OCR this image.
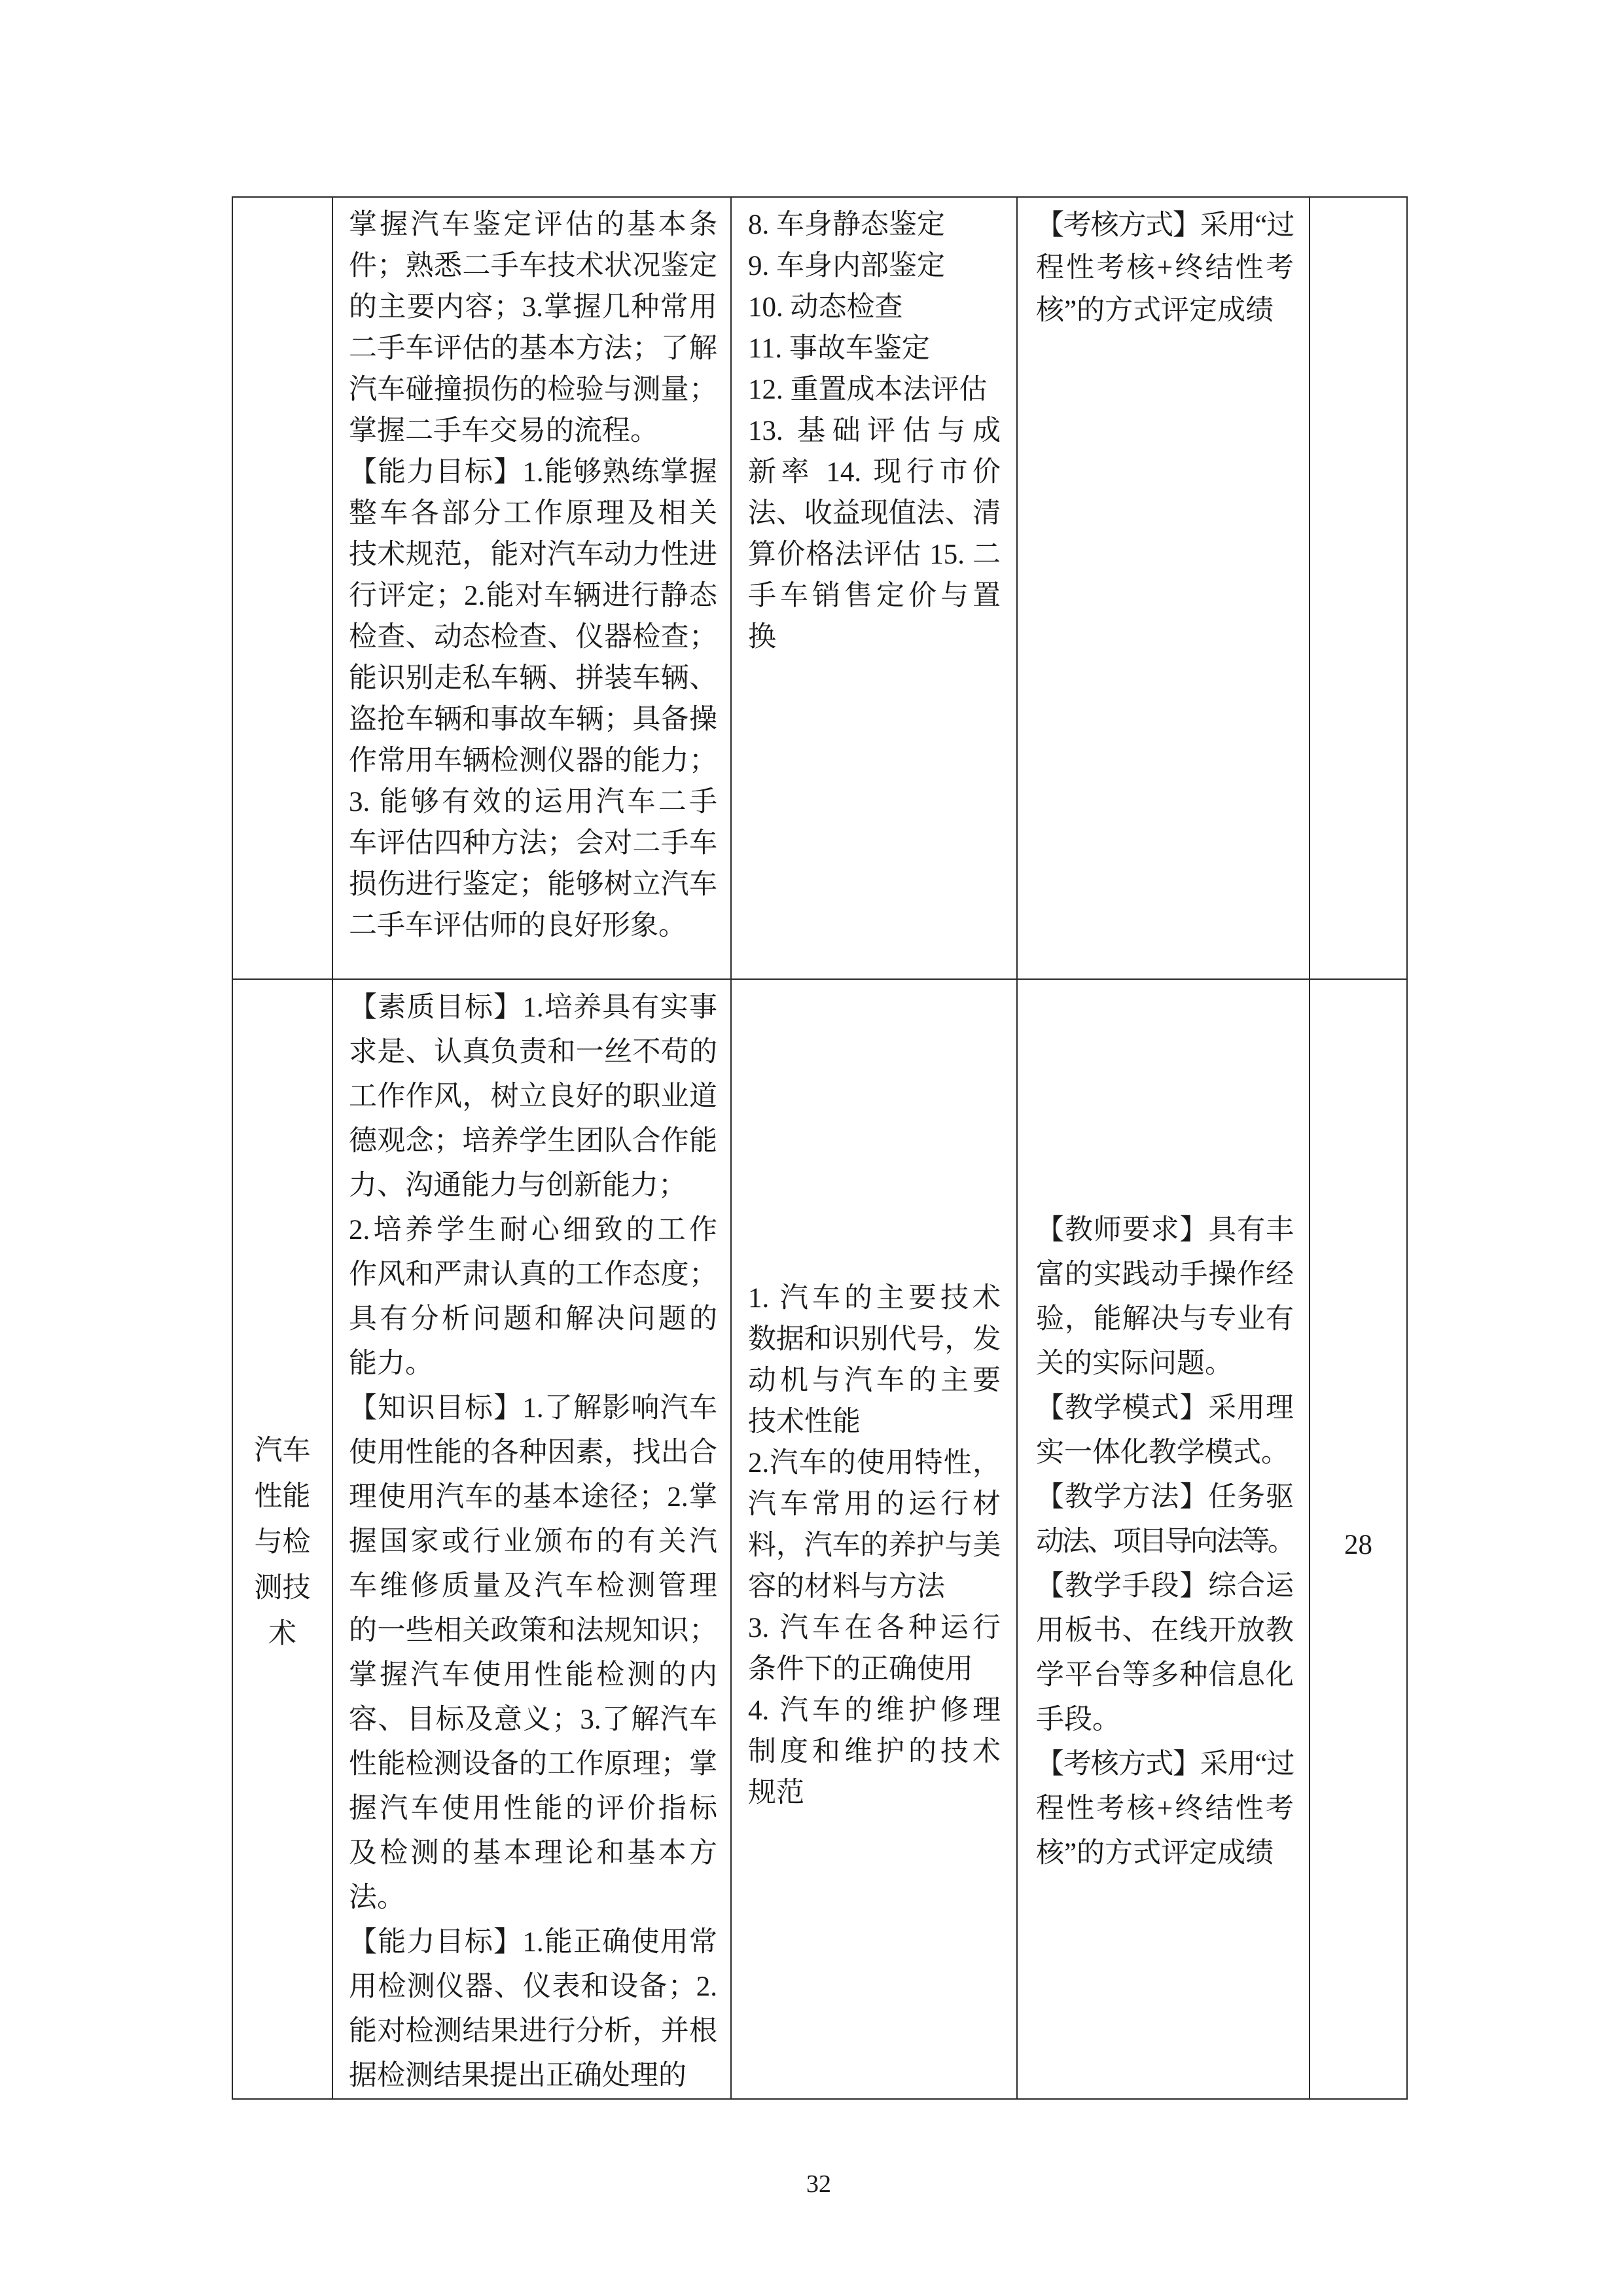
掌握汽车鉴定评估的基本条
件；熟悉二手车技术状况鉴定
的主要内容；3.掌握几种常用
二手车评估的基本方法；了解
汽车碰撞损伤的检验与测量；
掌握二手车交易的流程。
【能力目标】1.能够熟练掌握
整车各部分工作原理及相关
技术规范，能对汽车动力性进
行评定；2.能对车辆进行静态
检查、动态检查、仪器检查；
能识别走私车辆、拼装车辆、
盗抢车辆和事故车辆；具备操
作常用车辆检测仪器的能力；
3. 能够有效的运用汽车二手
车评估四种方法；会对二手车
损伤进行鉴定；能够树立汽车
二手车评估师的良好形象。
8. 车身静态鉴定
9. 车身内部鉴定
10. 动态检查
11. 事故车鉴定
12. 重置成本法评估
13. 基础评估与成
新率 14. 现行市价
法、收益现值法、清
算价格法评估 15. 二
手车销售定价与置
换
【考核方式】采用“过
程性考核+终结性考
核”的方式评定成绩
汽车性能与检测技术
【素质目标】1.培养具有实事
求是、认真负责和一丝不苟的
工作作风，树立良好的职业道
德观念；培养学生团队合作能
力、沟通能力与创新能力；
2.培养学生耐心细致的工作
作风和严肃认真的工作态度；
具有分析问题和解决问题的
能力。
【知识目标】1.了解影响汽车
使用性能的各种因素，找出合
理使用汽车的基本途径；2.掌
握国家或行业颁布的有关汽
车维修质量及汽车检测管理
的一些相关政策和法规知识；
掌握汽车使用性能检测的内
容、目标及意义；3.了解汽车
性能检测设备的工作原理；掌
握汽车使用性能的评价指标
及检测的基本理论和基本方
法。
【能力目标】1.能正确使用常
用检测仪器、仪表和设备；2.
能对检测结果进行分析，并根
据检测结果提出正确处理的
1. 汽车的主要技术
数据和识别代号，发
动机与汽车的主要
技术性能
2.汽车的使用特性，
汽车常用的运行材
料，汽车的养护与美
容的材料与方法
3. 汽车在各种运行
条件下的正确使用
4. 汽车的维护修理
制度和维护的技术
规范
【教师要求】具有丰
富的实践动手操作经
验，能解决与专业有
关的实际问题。
【教学模式】采用理
实一体化教学模式。
【教学方法】任务驱
动法、项目导向法等。
【教学手段】综合运
用板书、在线开放教
学平台等多种信息化
手段。
【考核方式】采用“过
程性考核+终结性考
核”的方式评定成绩
28
32
